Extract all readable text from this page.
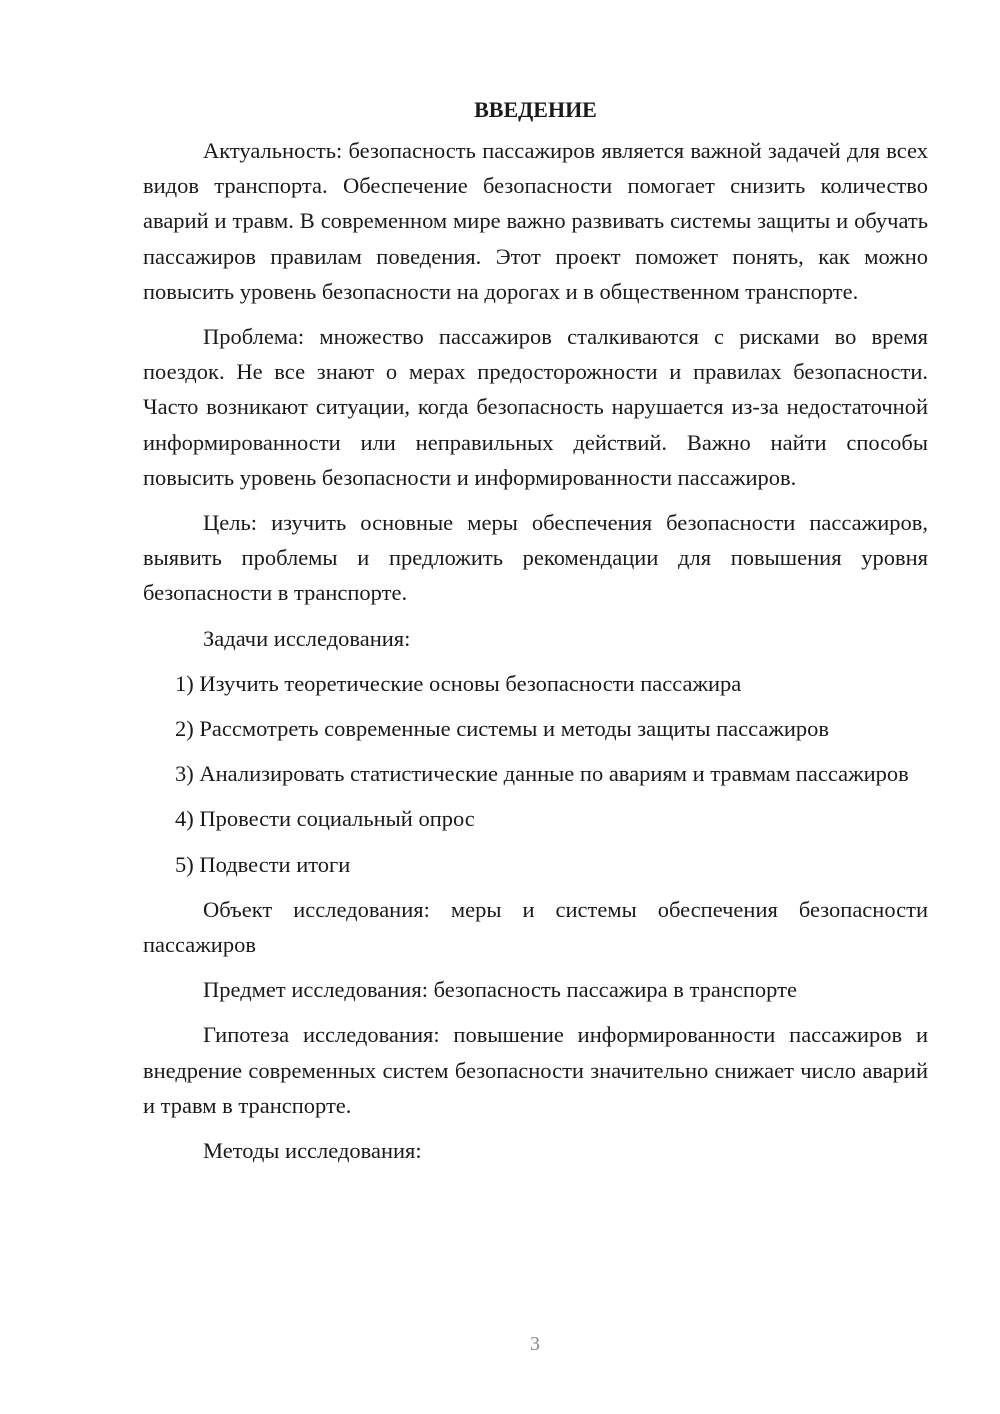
ВВЕДЕНИЕ

Актуальность: безопасность пассажиров является важной задачей для всех видов транспорта. Обеспечение безопасности помогает снизить количество аварий и травм. В современном мире важно развивать системы защиты и обучать пассажиров правилам поведения. Этот проект поможет понять, как можно повысить уровень безопасности на дорогах и в общественном транспорте.

Проблема: множество пассажиров сталкиваются с рисками во время поездок. Не все знают о мерах предосторожности и правилах безопасности. Часто возникают ситуации, когда безопасность нарушается из-за недостаточной информированности или неправильных действий. Важно найти способы повысить уровень безопасности и информированности пассажиров.

Цель: изучить основные меры обеспечения безопасности пассажиров, выявить проблемы и предложить рекомендации для повышения уровня безопасности в транспорте.

Задачи исследования:

1) Изучить теоретические основы безопасности пассажира

2) Рассмотреть современные системы и методы защиты пассажиров

3) Анализировать статистические данные по авариям и травмам пассажиров

4) Провести социальный опрос

5) Подвести итоги

Объект исследования: меры и системы обеспечения безопасности пассажиров

Предмет исследования: безопасность пассажира в транспорте

Гипотеза исследования: повышение информированности пассажиров и внедрение современных систем безопасности значительно снижает число аварий и травм в транспорте.

Методы исследования:

3
